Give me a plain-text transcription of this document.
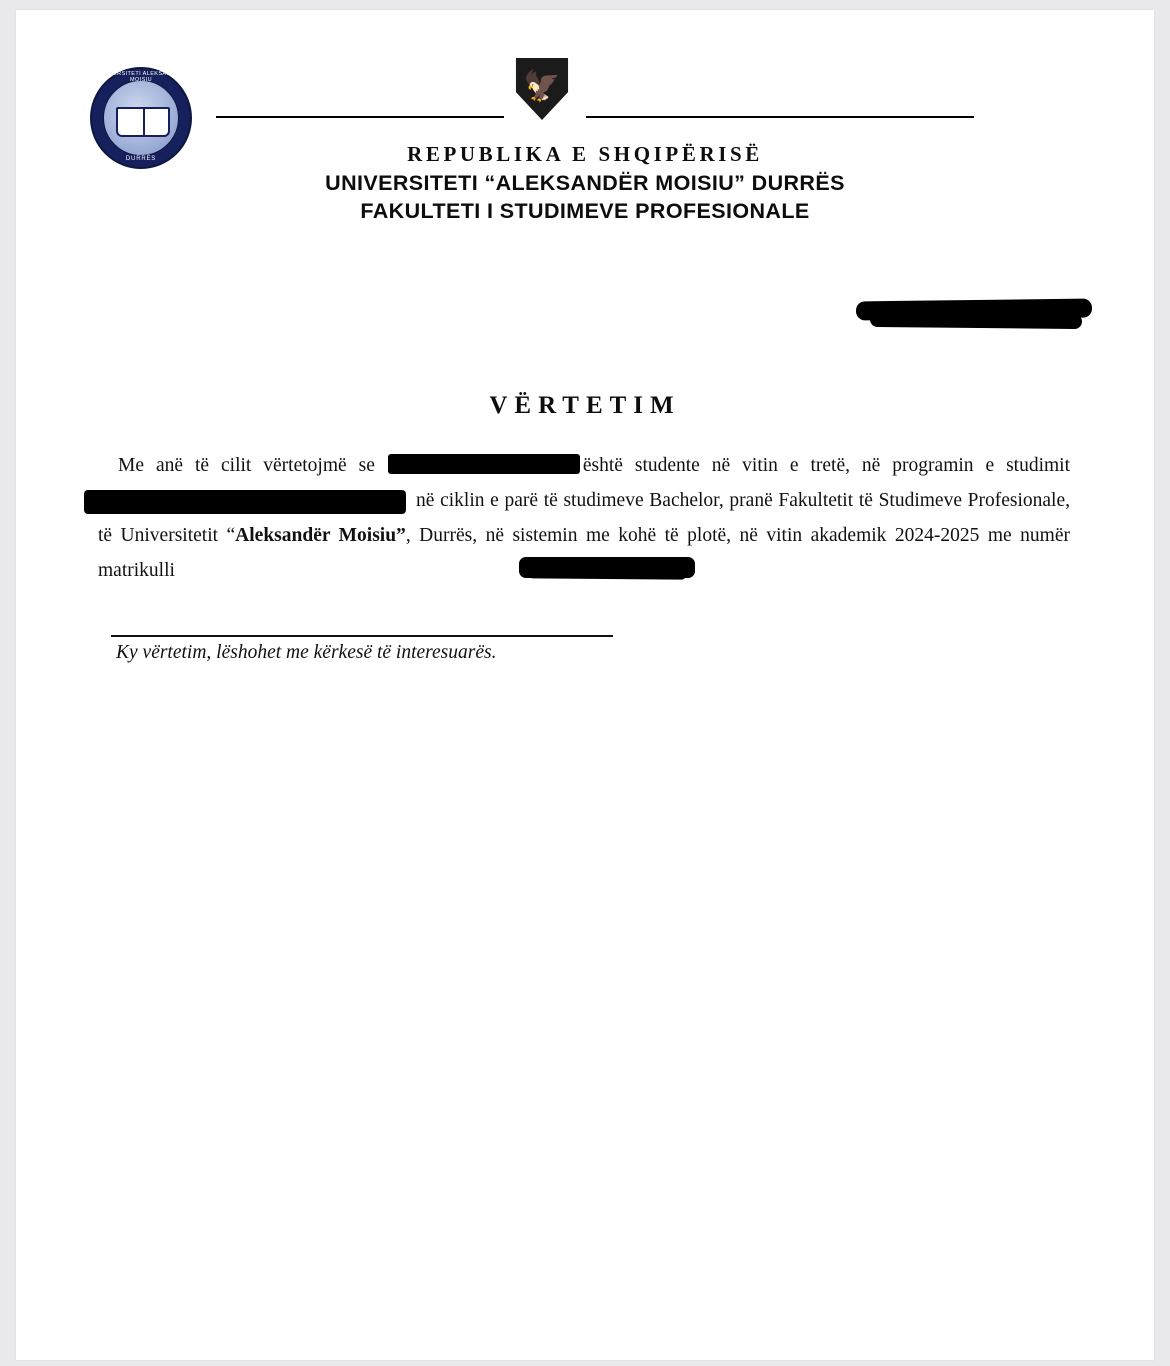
UNIVERSITETI ALEKSANDER MOISIU
DURRËS
🦅
REPUBLIKA E SHQIPËRISË
UNIVERSITETI “ALEKSANDËR MOISIU” DURRËS
FAKULTETI I STUDIMEVE PROFESIONALE
VËRTETIM

Me anë të cilit vërtetojmë se	është studente në vitin e tretë, në programin e studimit  në ciklin e parë të studimeve Bachelor, pranë Fakultetit të Studimeve Profesionale, të Universitetit “Aleksandër Moisiu”, Durrës, në sistemin me kohë të plotë, në vitin akademik 2024-2025 me numër matrikulli

Ky vërtetim, lëshohet me kërkesë të interesuarës.
